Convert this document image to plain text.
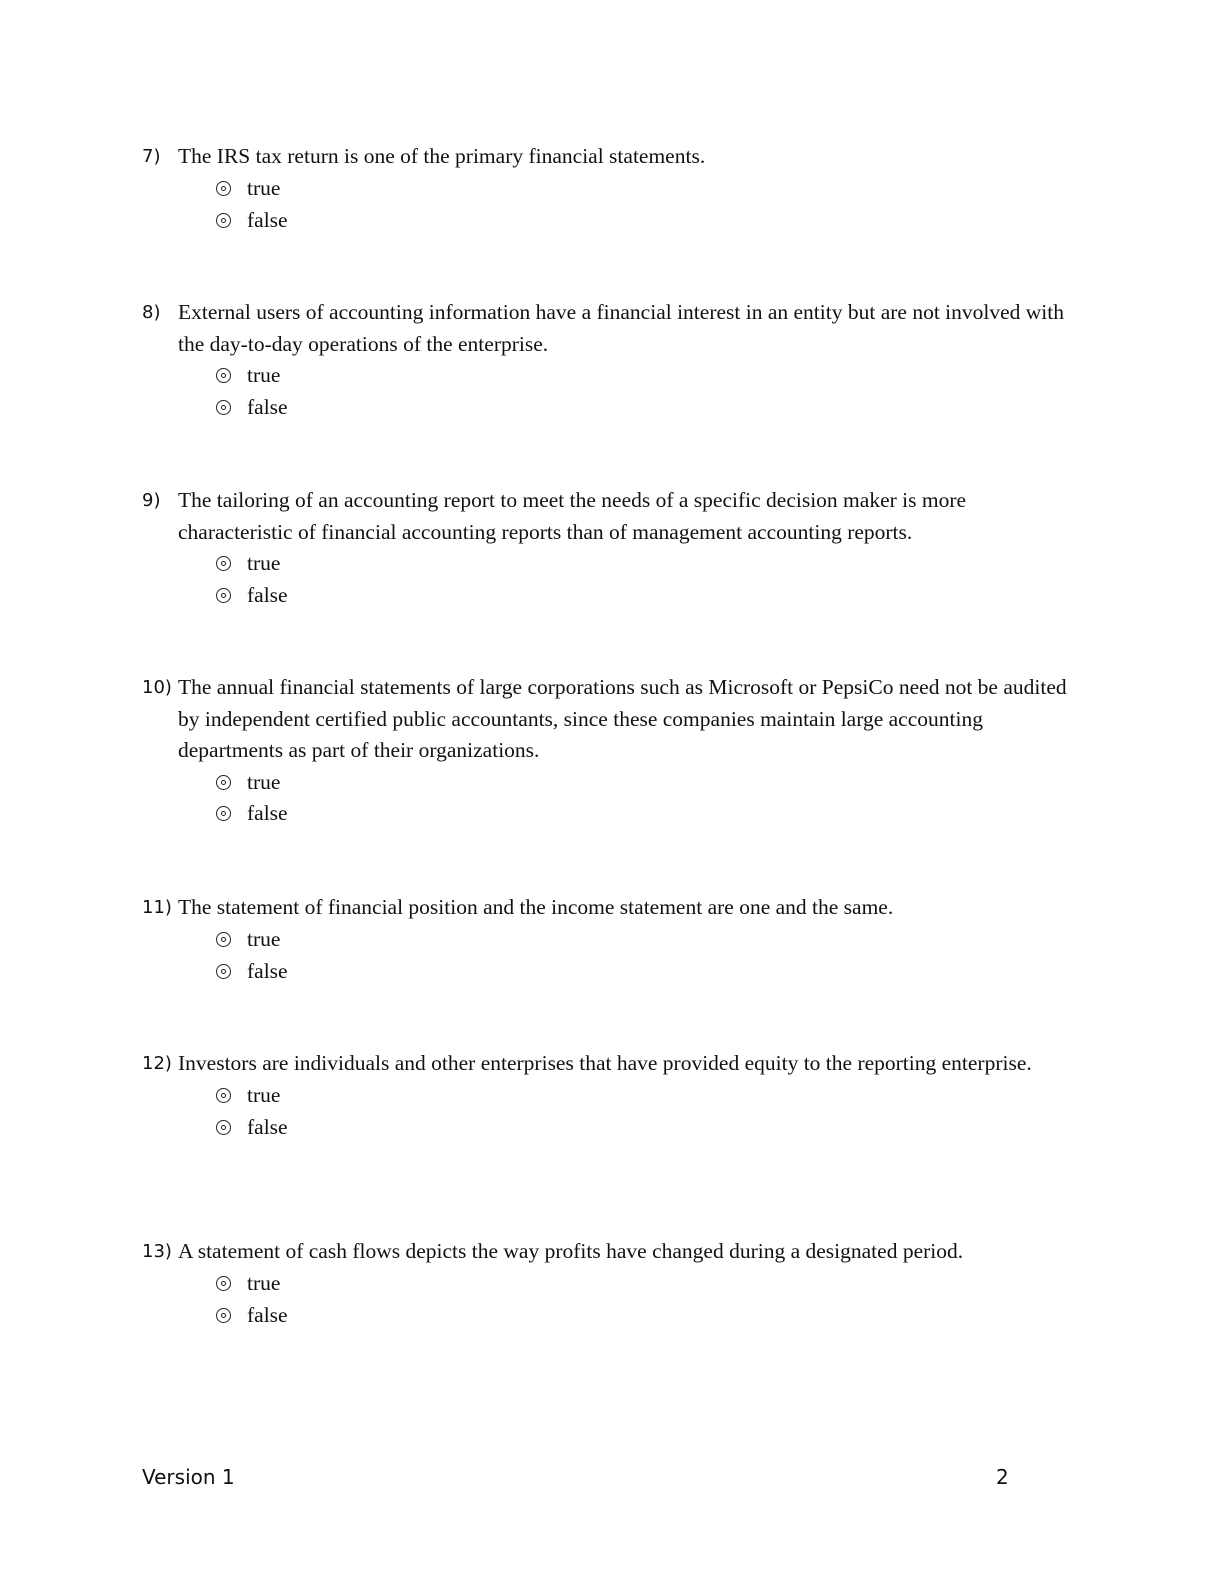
7) The IRS tax return is one of the primary financial statements.
true
false
8) External users of accounting information have a financial interest in an entity but are not involved with the day-to-day operations of the enterprise.
true
false
9) The tailoring of an accounting report to meet the needs of a specific decision maker is more characteristic of financial accounting reports than of management accounting reports.
true
false
10) The annual financial statements of large corporations such as Microsoft or PepsiCo need not be audited by independent certified public accountants, since these companies maintain large accounting departments as part of their organizations.
true
false
11) The statement of financial position and the income statement are one and the same.
true
false
12) Investors are individuals and other enterprises that have provided equity to the reporting enterprise.
true
false
13) A statement of cash flows depicts the way profits have changed during a designated period.
true
false
Version 1	2
